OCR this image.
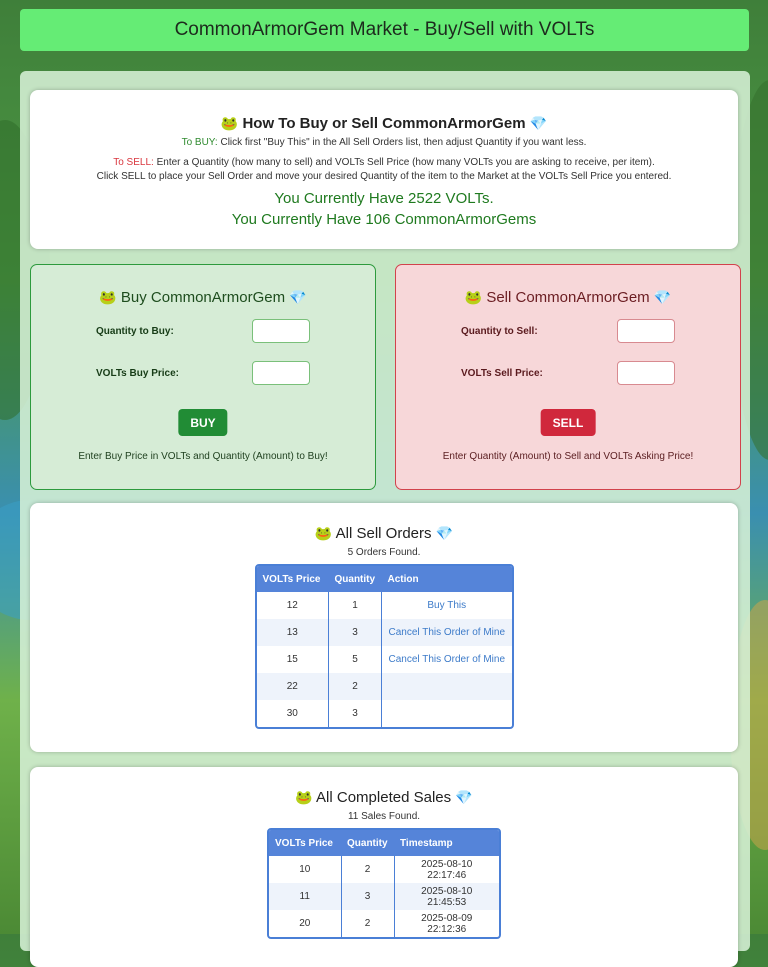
CommonArmorGem Market - Buy/Sell with VOLTs
🐸 How To Buy or Sell CommonArmorGem 💎
To BUY: Click first "Buy This" in the All Sell Orders list, then adjust Quantity if you want less.
To SELL: Enter a Quantity (how many to sell) and VOLTs Sell Price (how many VOLTs you are asking to receive, per item).
Click SELL to place your Sell Order and move your desired Quantity of the item to the Market at the VOLTs Sell Price you entered.
You Currently Have 2522 VOLTs.
You Currently Have 106 CommonArmorGems
🐸 Buy CommonArmorGem 💎
Quantity to Buy:
VOLTs Buy Price:
BUY
Enter Buy Price in VOLTs and Quantity (Amount) to Buy!
🐸 Sell CommonArmorGem 💎
Quantity to Sell:
VOLTs Sell Price:
SELL
Enter Quantity (Amount) to Sell and VOLTs Asking Price!
🐸 All Sell Orders 💎
5 Orders Found.
VOLTs Price	Quantity	Action
12	1	Buy This
13	3	Cancel This Order of Mine
15	5	Cancel This Order of Mine
22	2	
30	3	
🐸 All Completed Sales 💎
11 Sales Found.
VOLTs Price	Quantity	Timestamp
10	2	2025-08-10 22:17:46
11	3	2025-08-10 21:45:53
20	2	2025-08-09 22:12:36
